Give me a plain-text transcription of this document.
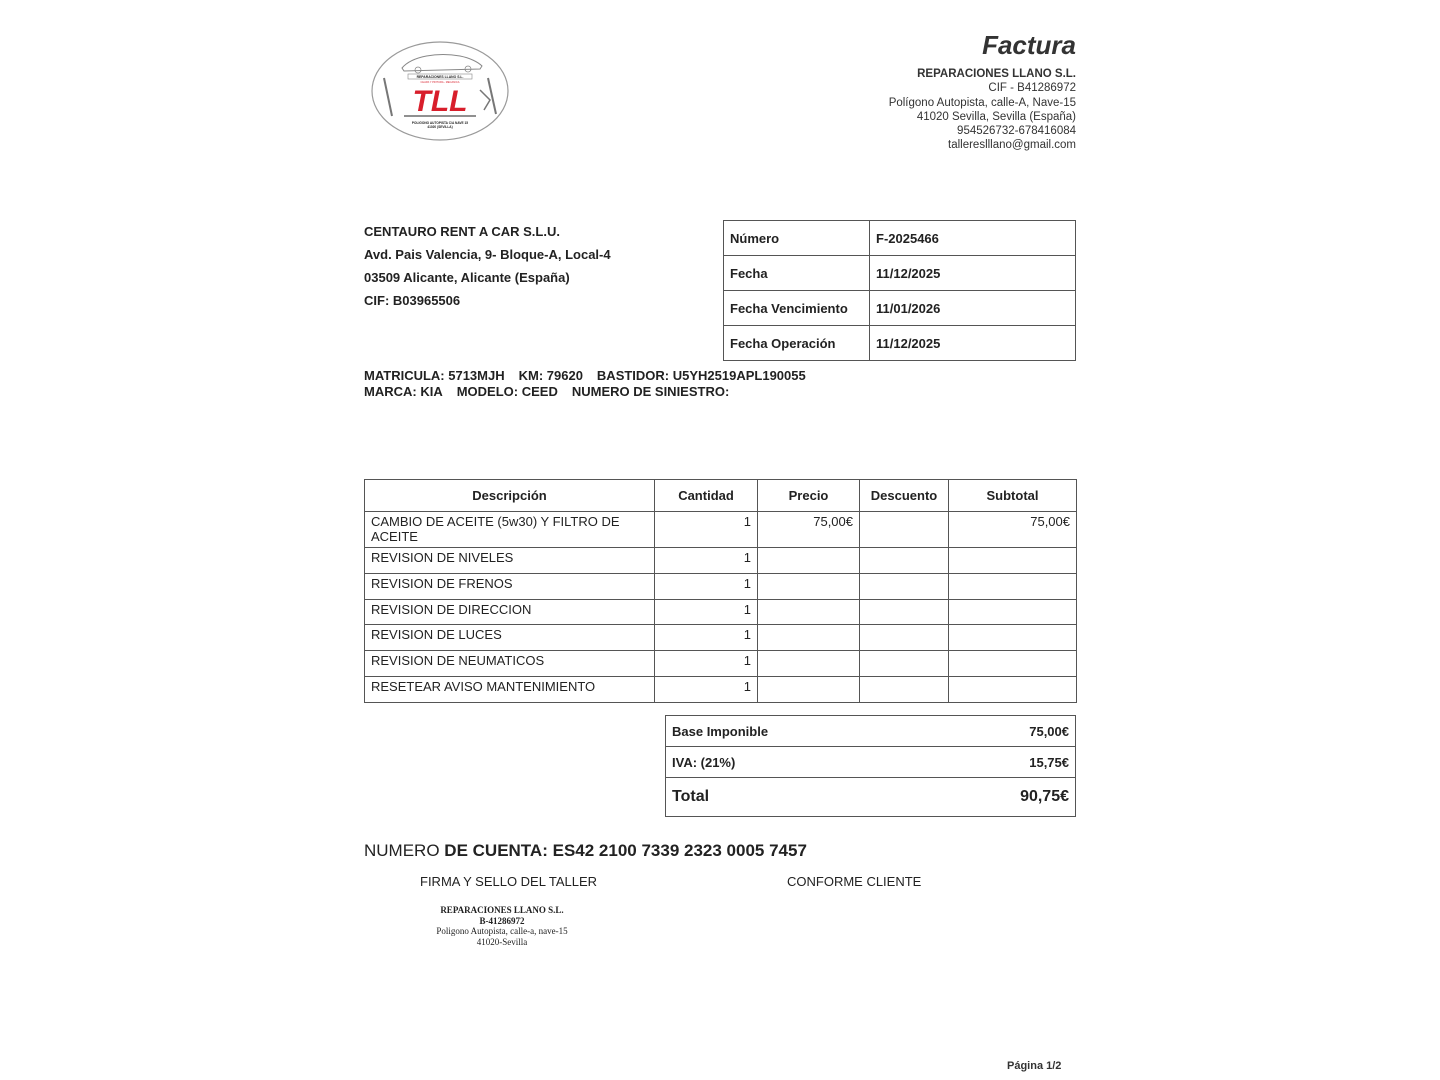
REPARACIONES LLANO S.L.
CHAPA Y PINTURA - MECANICA
TLL
POLIGONO AUTOPISTA C/A NAVE 15
41020 (SEVILLA)
Factura
REPARACIONES LLANO S.L.
CIF - B41286972
Polígono Autopista, calle-A, Nave-15
41020 Sevilla, Sevilla (España)
954526732-678416084
tallereslllano@gmail.com
CENTAURO RENT A CAR S.L.U.
Avd. Pais Valencia, 9- Bloque-A, Local-4
03509 Alicante, Alicante (España)
CIF: B03965506
Número	F-2025466
Fecha	11/12/2025
Fecha Vencimiento	11/01/2026
Fecha Operación	11/12/2025
MATRICULA: 5713MJH KM: 79620 BASTIDOR: U5YH2519APL190055
MARCA: KIA MODELO: CEED NUMERO DE SINIESTRO:
Descripción	Cantidad	Precio	Descuento	Subtotal
CAMBIO DE ACEITE (5w30) Y FILTRO DE ACEITE	1	75,00€		75,00€
REVISION DE NIVELES	1			
REVISION DE FRENOS	1			
REVISION DE DIRECCION	1			
REVISION DE LUCES	1			
REVISION DE NEUMATICOS	1			
RESETEAR AVISO MANTENIMIENTO	1			
Base Imponible	75,00€
IVA: (21%)	15,75€
Total	90,75€
NUMERO DE CUENTA: ES42 2100 7339 2323 0005 7457
FIRMA Y SELLO DEL TALLER	CONFORME CLIENTE
REPARACIONES LLANO S.L.
B-41286972
Poligono Autopista, calle-a, nave-15
41020-Sevilla
Página 1/2
